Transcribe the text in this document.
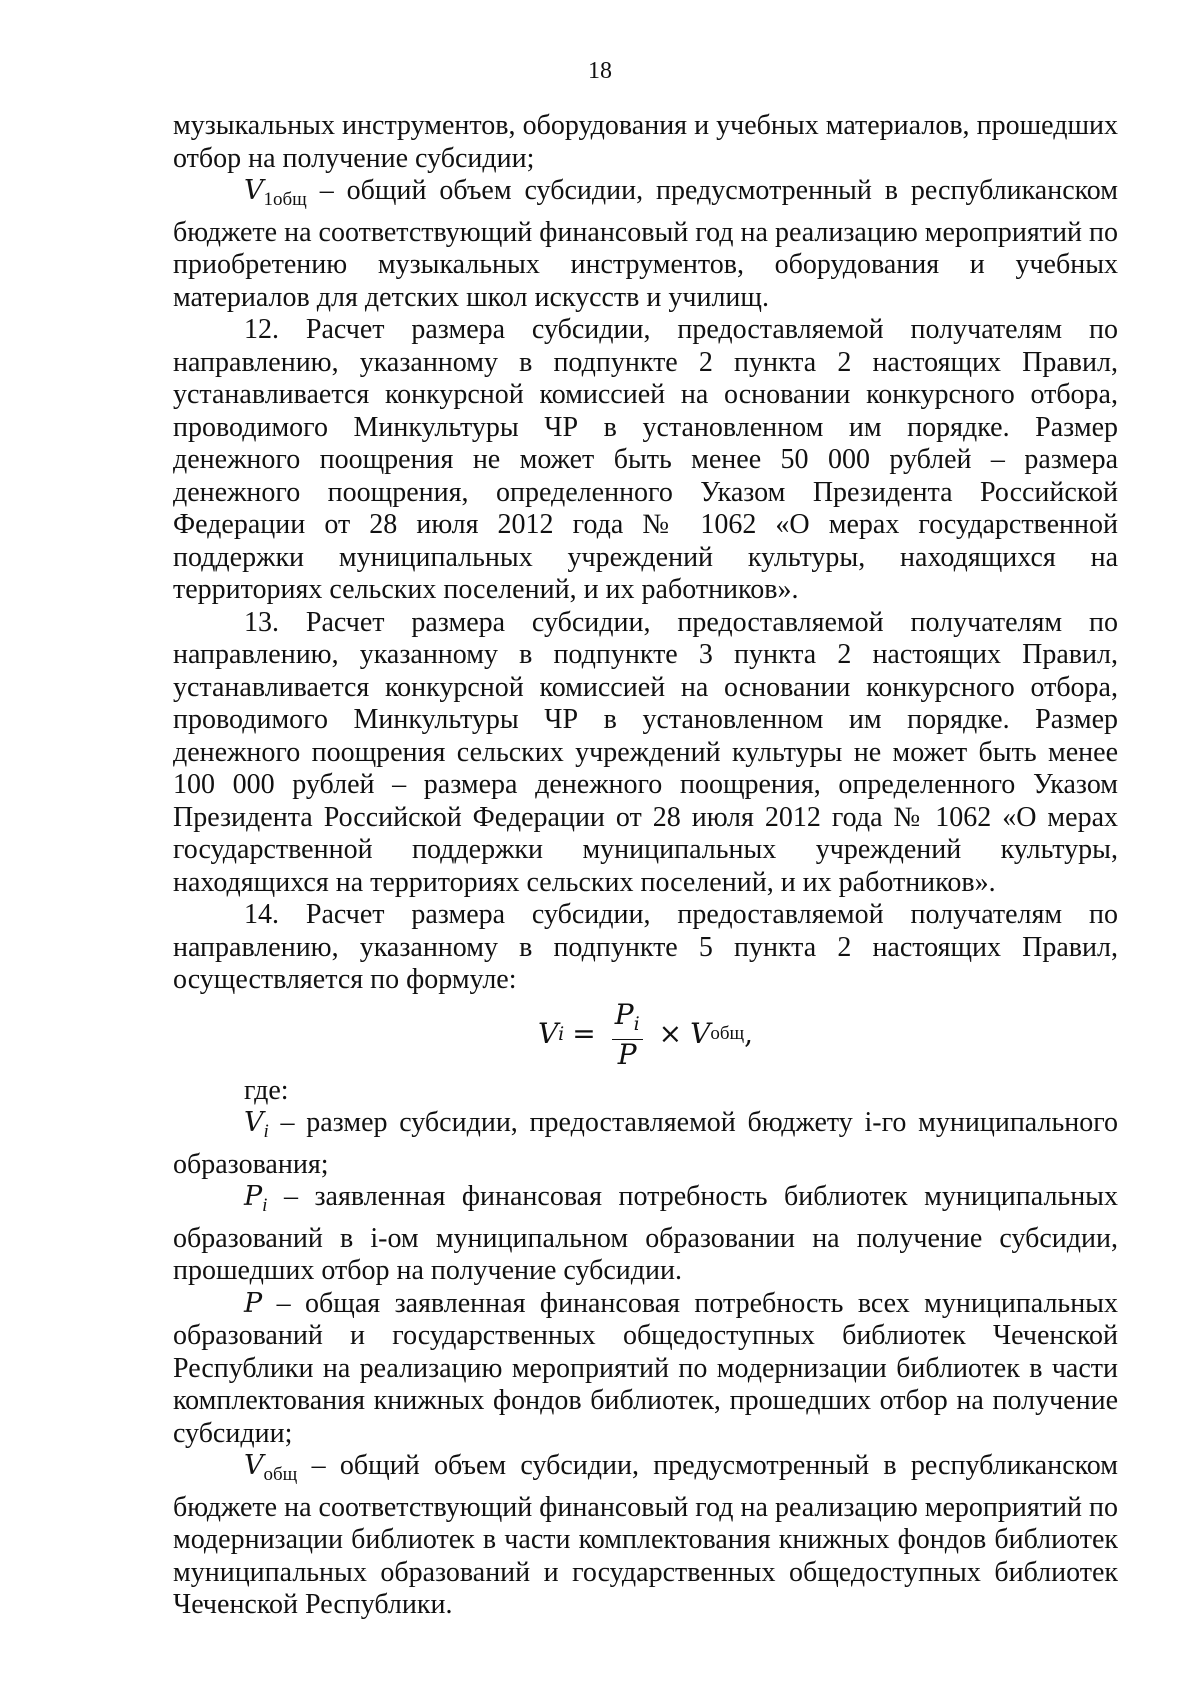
18

музыкальных инструментов, оборудования и учебных материалов, прошедших отбор на получение субсидии;

$V_{1общ}$ – общий объем субсидии, предусмотренный в республиканском бюджете на соответствующий финансовый год на реализацию мероприятий по приобретению музыкальных инструментов, оборудования и учебных материалов для детских школ искусств и училищ.

12. Расчет размера субсидии, предоставляемой получателям по направлению, указанному в подпункте 2 пункта 2 настоящих Правил, устанавливается конкурсной комиссией на основании конкурсного отбора, проводимого Минкультуры ЧР в установленном им порядке. Размер денежного поощрения не может быть менее 50 000 рублей – размера денежного поощрения, определенного Указом Президента Российской Федерации от 28 июля 2012 года № 1062 «О мерах государственной поддержки муниципальных учреждений культуры, находящихся на территориях сельских поселений, и их работников».

13. Расчет размера субсидии, предоставляемой получателям по направлению, указанному в подпункте 3 пункта 2 настоящих Правил, устанавливается конкурсной комиссией на основании конкурсного отбора, проводимого Минкультуры ЧР в установленном им порядке. Размер денежного поощрения сельских учреждений культуры не может быть менее 100 000 рублей – размера денежного поощрения, определенного Указом Президента Российской Федерации от 28 июля 2012 года № 1062 «О мерах государственной поддержки муниципальных учреждений культуры, находящихся на территориях сельских поселений, и их работников».

14. Расчет размера субсидии, предоставляемой получателям по направлению, указанному в подпункте 5 пункта 2 настоящих Правил, осуществляется по формуле:

V $i = \frac{P_i}{P} \times V$ общ ,

где:

$V_i$ – размер субсидии, предоставляемой бюджету i-го муниципального образования;

$P_i$ – заявленная финансовая потребность библиотек муниципальных образований в i-ом муниципальном образовании на получение субсидии, прошедших отбор на получение субсидии.

P – общая заявленная финансовая потребность всех муниципальных образований и государственных общедоступных библиотек Чеченской Республики на реализацию мероприятий по модернизации библиотек в части комплектования книжных фондов библиотек, прошедших отбор на получение субсидии;

$V_{общ}$ – общий объем субсидии, предусмотренный в республиканском бюджете на соответствующий финансовый год на реализацию мероприятий по модернизации библиотек в части комплектования книжных фондов библиотек муниципальных образований и государственных общедоступных библиотек Чеченской Республики.
